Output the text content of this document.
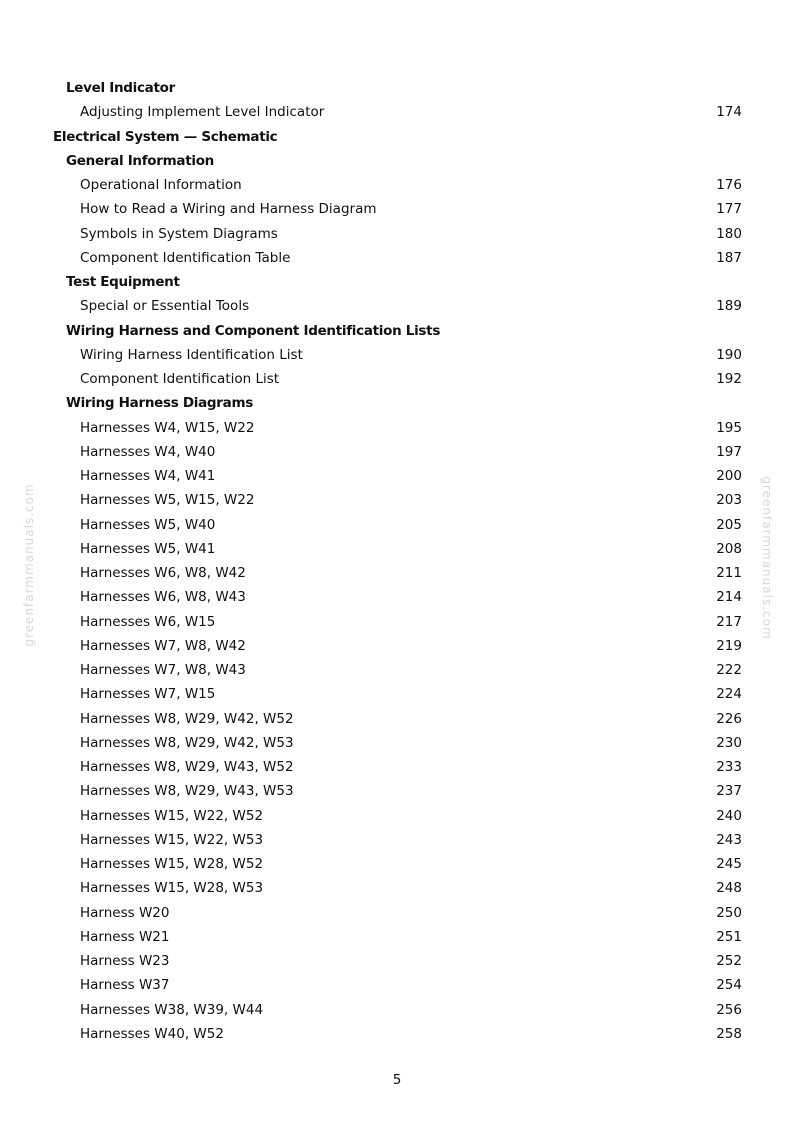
Level Indicator
Adjusting Implement Level Indicator	174
Electrical System — Schematic
General Information
Operational Information	176
How to Read a Wiring and Harness Diagram	177
Symbols in System Diagrams	180
Component Identification Table	187
Test Equipment
Special or Essential Tools	189
Wiring Harness and Component Identification Lists
Wiring Harness Identification List	190
Component Identification List	192
Wiring Harness Diagrams
Harnesses W4, W15, W22	195
Harnesses W4, W40	197
Harnesses W4, W41	200
Harnesses W5, W15, W22	203
Harnesses W5, W40	205
Harnesses W5, W41	208
Harnesses W6, W8, W42	211
Harnesses W6, W8, W43	214
Harnesses W6, W15	217
Harnesses W7, W8, W42	219
Harnesses W7, W8, W43	222
Harnesses W7, W15	224
Harnesses W8, W29, W42, W52	226
Harnesses W8, W29, W42, W53	230
Harnesses W8, W29, W43, W52	233
Harnesses W8, W29, W43, W53	237
Harnesses W15, W22, W52	240
Harnesses W15, W22, W53	243
Harnesses W15, W28, W52	245
Harnesses W15, W28, W53	248
Harness W20	250
Harness W21	251
Harness W23	252
Harness W37	254
Harnesses W38, W39, W44	256
Harnesses W40, W52	258
greenfarmmanuals.com	greenfarmmanuals.com
5
